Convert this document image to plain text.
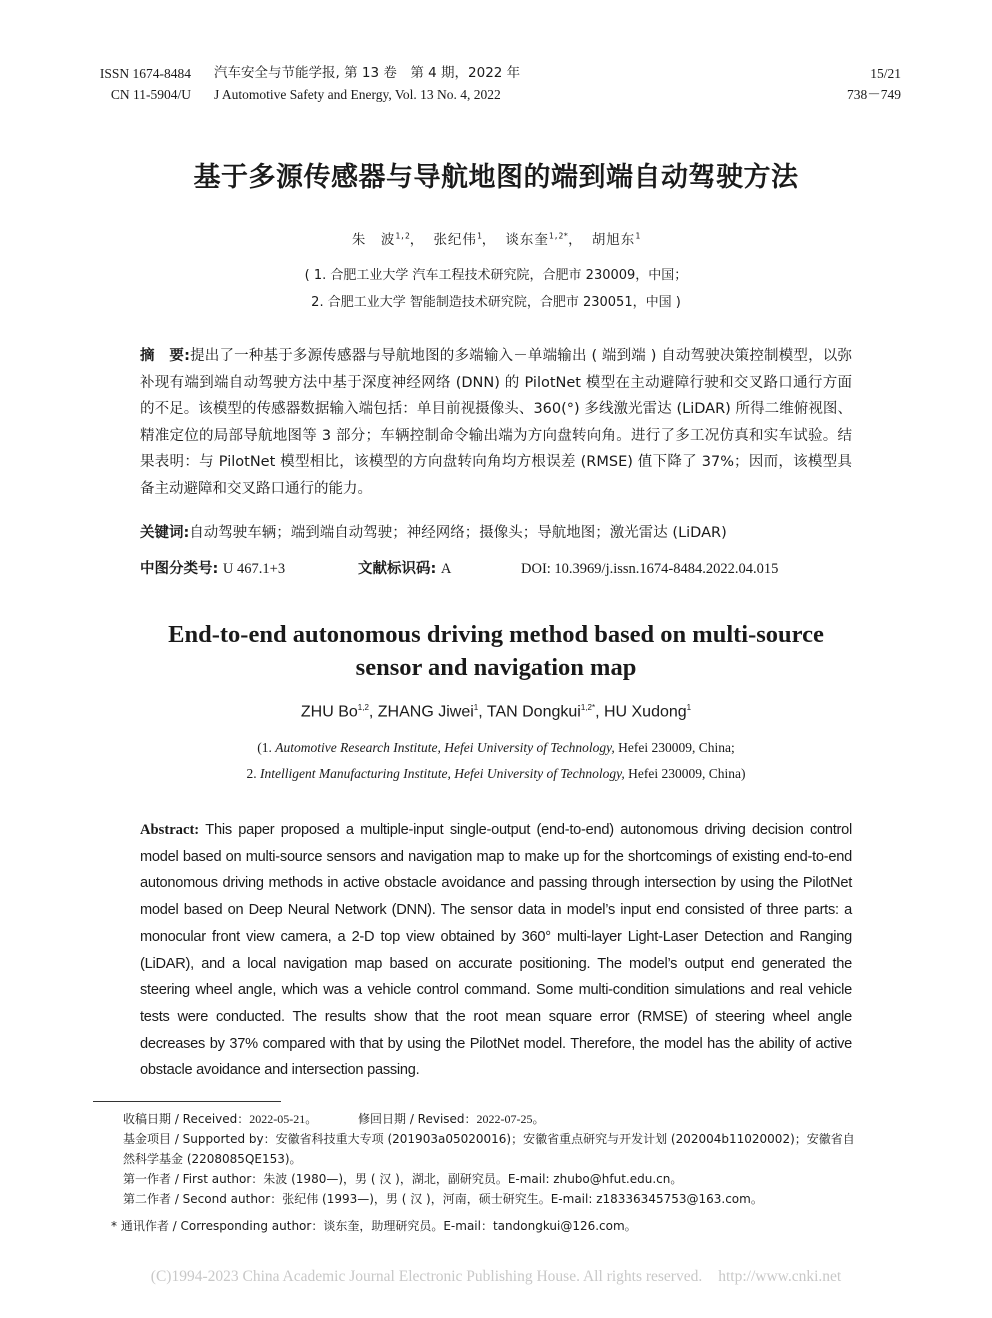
ISSN 1674-8484
CN 11-5904/U
汽车安全与节能学报, 第 13 卷　第 4 期，2022 年
J Automotive Safety and Energy, Vol. 13 No. 4, 2022
15/21
738－749
基于多源传感器与导航地图的端到端自动驾驶方法
朱　波$^{1,2}$， 张纪伟$^1$， 谈东奎$^{1,2*}$， 胡旭东$^1$
( 1. 合肥工业大学 汽车工程技术研究院，合肥市 230009，中国；
2. 合肥工业大学 智能制造技术研究院，合肥市 230051，中国 )
摘　要:提出了一种基于多源传感器与导航地图的多端输入－单端输出 ( 端到端 ) 自动驾驶决策控制模型，以弥补现有端到端自动驾驶方法中基于深度神经网络 (DNN) 的 PilotNet 模型在主动避障行驶和交叉路口通行方面的不足。该模型的传感器数据输入端包括：单目前视摄像头、360(°) 多线激光雷达 (LiDAR) 所得二维俯视图、精准定位的局部导航地图等 3 部分；车辆控制命令输出端为方向盘转向角。进行了多工况仿真和实车试验。结果表明：与 PilotNet 模型相比，该模型的方向盘转向角均方根误差 (RMSE) 值下降了 37%；因而，该模型具备主动避障和交叉路口通行的能力。
关键词:自动驾驶车辆；端到端自动驾驶；神经网络；摄像头；导航地图；激光雷达 (LiDAR)
中图分类号: U 467.1+3	文献标识码: A	DOI: 10.3969/j.issn.1674-8484.2022.04.015
End-to-end autonomous driving method based on multi-source
sensor and navigation map
ZHU Bo$^{1,2}$, ZHANG Jiwei$^1$, TAN Dongkui$^{1,2*}$, HU Xudong$^1$
(1. Automotive Research Institute, Hefei University of Technology, Hefei 230009, China;
2. Intelligent Manufacturing Institute, Hefei University of Technology, Hefei 230009, China)
Abstract: This paper proposed a multiple-input single-output (end-to-end) autonomous driving decision control model based on multi-source sensors and navigation map to make up for the shortcomings of existing end-to-end autonomous driving methods in active obstacle avoidance and passing through intersection by using the PilotNet model based on Deep Neural Network (DNN). The sensor data in model’s input end consisted of three parts: a monocular front view camera, a 2-D top view obtained by 360° multi-layer Light-Laser Detection and Ranging (LiDAR), and a local navigation map based on accurate positioning. The model’s output end generated the steering wheel angle, which was a vehicle control command. Some multi-condition simulations and real vehicle tests were conducted. The results show that the root mean square error (RMSE) of steering wheel angle decreases by 37% compared with that by using the PilotNet model. Therefore, the model has the ability of active obstacle avoidance and intersection passing.
收稿日期 / Received：2022-05-21。	修回日期 / Revised：2022-07-25。
基金项目 / Supported by：安徽省科技重大专项 (201903a05020016)；安徽省重点研究与开发计划 (202004b11020002)；安徽省自然科学基金 (2208085QE153)。
第一作者 / First author：朱波 (1980—)，男 ( 汉 )，湖北，副研究员。E-mail: zhubo@hfut.edu.cn。
第二作者 / Second author：张纪伟 (1993—)，男 ( 汉 )，河南，硕士研究生。E-mail: z18336345753@163.com。
* 通讯作者 / Corresponding author：谈东奎，助理研究员。E-mail：tandongkui@126.com。
(C)1994-2023 China Academic Journal Electronic Publishing House. All rights reserved. http://www.cnki.net
